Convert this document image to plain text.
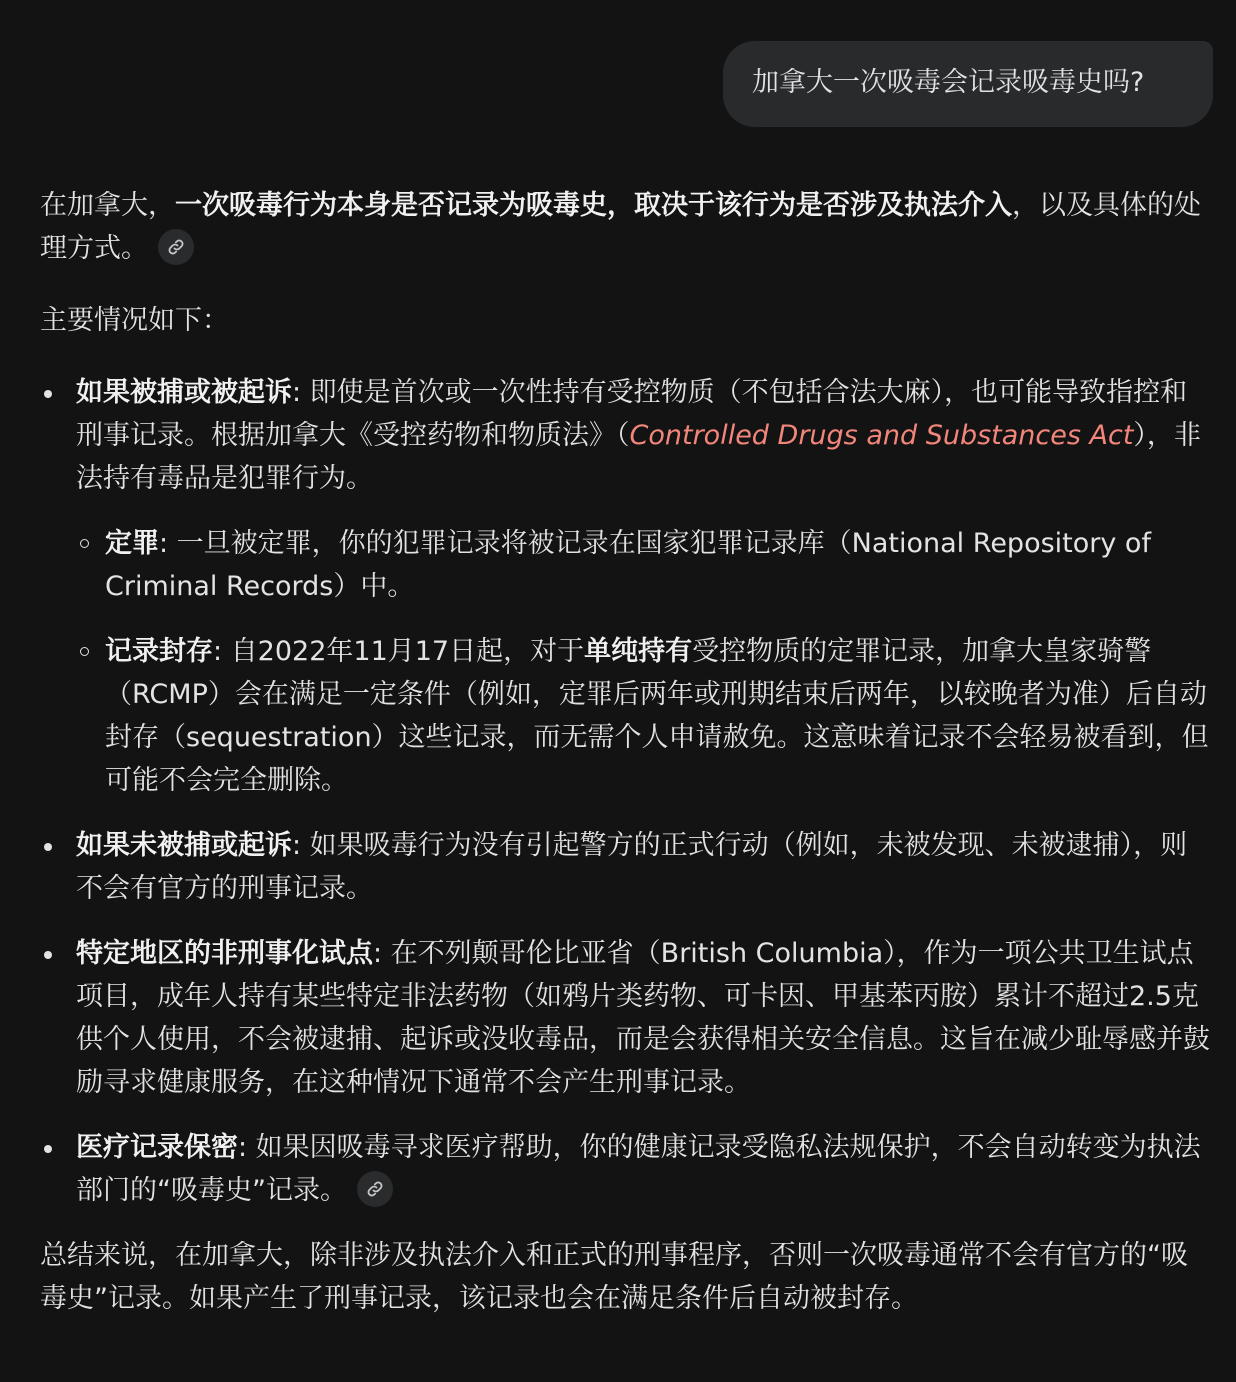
加拿大一次吸毒会记录吸毒史吗?

在加拿大，一次吸毒行为本身是否记录为吸毒史，取决于该行为是否涉及执法介入，以及具体的处理方式。

主要情况如下：

如果被捕或被起诉: 即使是首次或一次性持有受控物质（不包括合法大麻），也可能导致指控和刑事记录。根据加拿大《受控药物和物质法》（Controlled Drugs and Substances Act），非法持有毒品是犯罪行为。
定罪: 一旦被定罪，你的犯罪记录将被记录在国家犯罪记录库（National Repository of Criminal Records）中。
记录封存: 自2022年11月17日起，对于单纯持有受控物质的定罪记录，加拿大皇家骑警（RCMP）会在满足一定条件（例如，定罪后两年或刑期结束后两年，以较晚者为准）后自动封存（sequestration）这些记录，而无需个人申请赦免。这意味着记录不会轻易被看到，但可能不会完全删除。
如果未被捕或起诉: 如果吸毒行为没有引起警方的正式行动（例如，未被发现、未被逮捕），则不会有官方的刑事记录。
特定地区的非刑事化试点: 在不列颠哥伦比亚省（British Columbia），作为一项公共卫生试点项目，成年人持有某些特定非法药物（如鸦片类药物、可卡因、甲基苯丙胺）累计不超过2.5克供个人使用，不会被逮捕、起诉或没收毒品，而是会获得相关安全信息。这旨在减少耻辱感并鼓励寻求健康服务，在这种情况下通常不会产生刑事记录。
医疗记录保密: 如果因吸毒寻求医疗帮助，你的健康记录受隐私法规保护，不会自动转变为执法部门的“吸毒史”记录。

总结来说，在加拿大，除非涉及执法介入和正式的刑事程序，否则一次吸毒通常不会有官方的“吸毒史”记录。如果产生了刑事记录，该记录也会在满足条件后自动被封存。
